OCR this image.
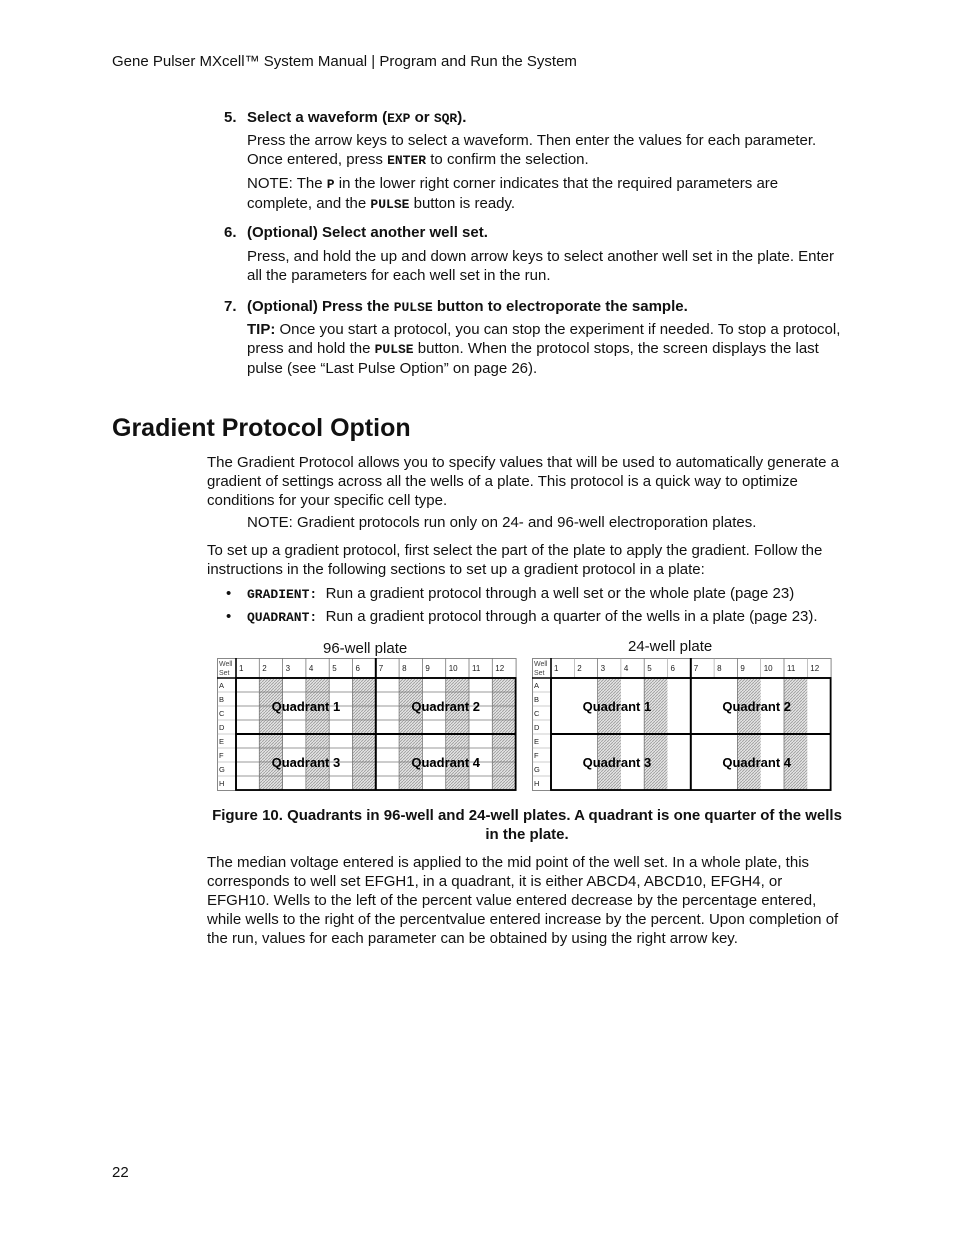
Gene Pulser MXcell™ System Manual | Program and Run the System
5. Select a waveform (EXP or SQR).
Press the arrow keys to select a waveform. Then enter the values for each parameter. Once entered, press ENTER to confirm the selection.
NOTE: The P in the lower right corner indicates that the required parameters are complete, and the PULSE button is ready.
6. (Optional) Select another well set.
Press, and hold the up and down arrow keys to select another well set in the plate. Enter all the parameters for each well set in the run.
7. (Optional) Press the PULSE button to electroporate the sample.
TIP: Once you start a protocol, you can stop the experiment if needed. To stop a protocol, press and hold the PULSE button. When the protocol stops, the screen displays the last pulse (see “Last Pulse Option” on page 26).
Gradient Protocol Option
The Gradient Protocol allows you to specify values that will be used to automatically generate a gradient of settings across all the wells of a plate. This protocol is a quick way to optimize conditions for your specific cell type.
NOTE: Gradient protocols run only on 24- and 96-well electroporation plates.
To set up a gradient protocol, first select the part of the plate to apply the gradient. Follow the instructions in the following sections to set up a gradient protocol in a plate:
• GRADIENT: Run a gradient protocol through a well set or the whole plate (page 23)
• QUADRANT: Run a gradient protocol through a quarter of the wells in a plate (page 23).
96-well plate	24-well plate
Well
Set
1 2 3 4 5 6 7 8 9 10 11 12
A
B
C
D
E
F
G
H
Quadrant 1	Quadrant 2
Quadrant 3	Quadrant 4
Well
Set
1 2 3 4 5 6 7 8 9 10 11 12
A
B
C
D
E
F
G
H
Quadrant 1	Quadrant 2
Quadrant 3	Quadrant 4
Figure 10. Quadrants in 96-well and 24-well plates. A quadrant is one quarter of the wells in the plate.
The median voltage entered is applied to the mid point of the well set. In a whole plate, this corresponds to well set EFGH1, in a quadrant, it is either ABCD4, ABCD10, EFGH4, or EFGH10. Wells to the left of the percent value entered decrease by the percentage entered, while wells to the right of the percentvalue entered increase by the percent. Upon completion of the run, values for each parameter can be obtained by using the right arrow key.
22
